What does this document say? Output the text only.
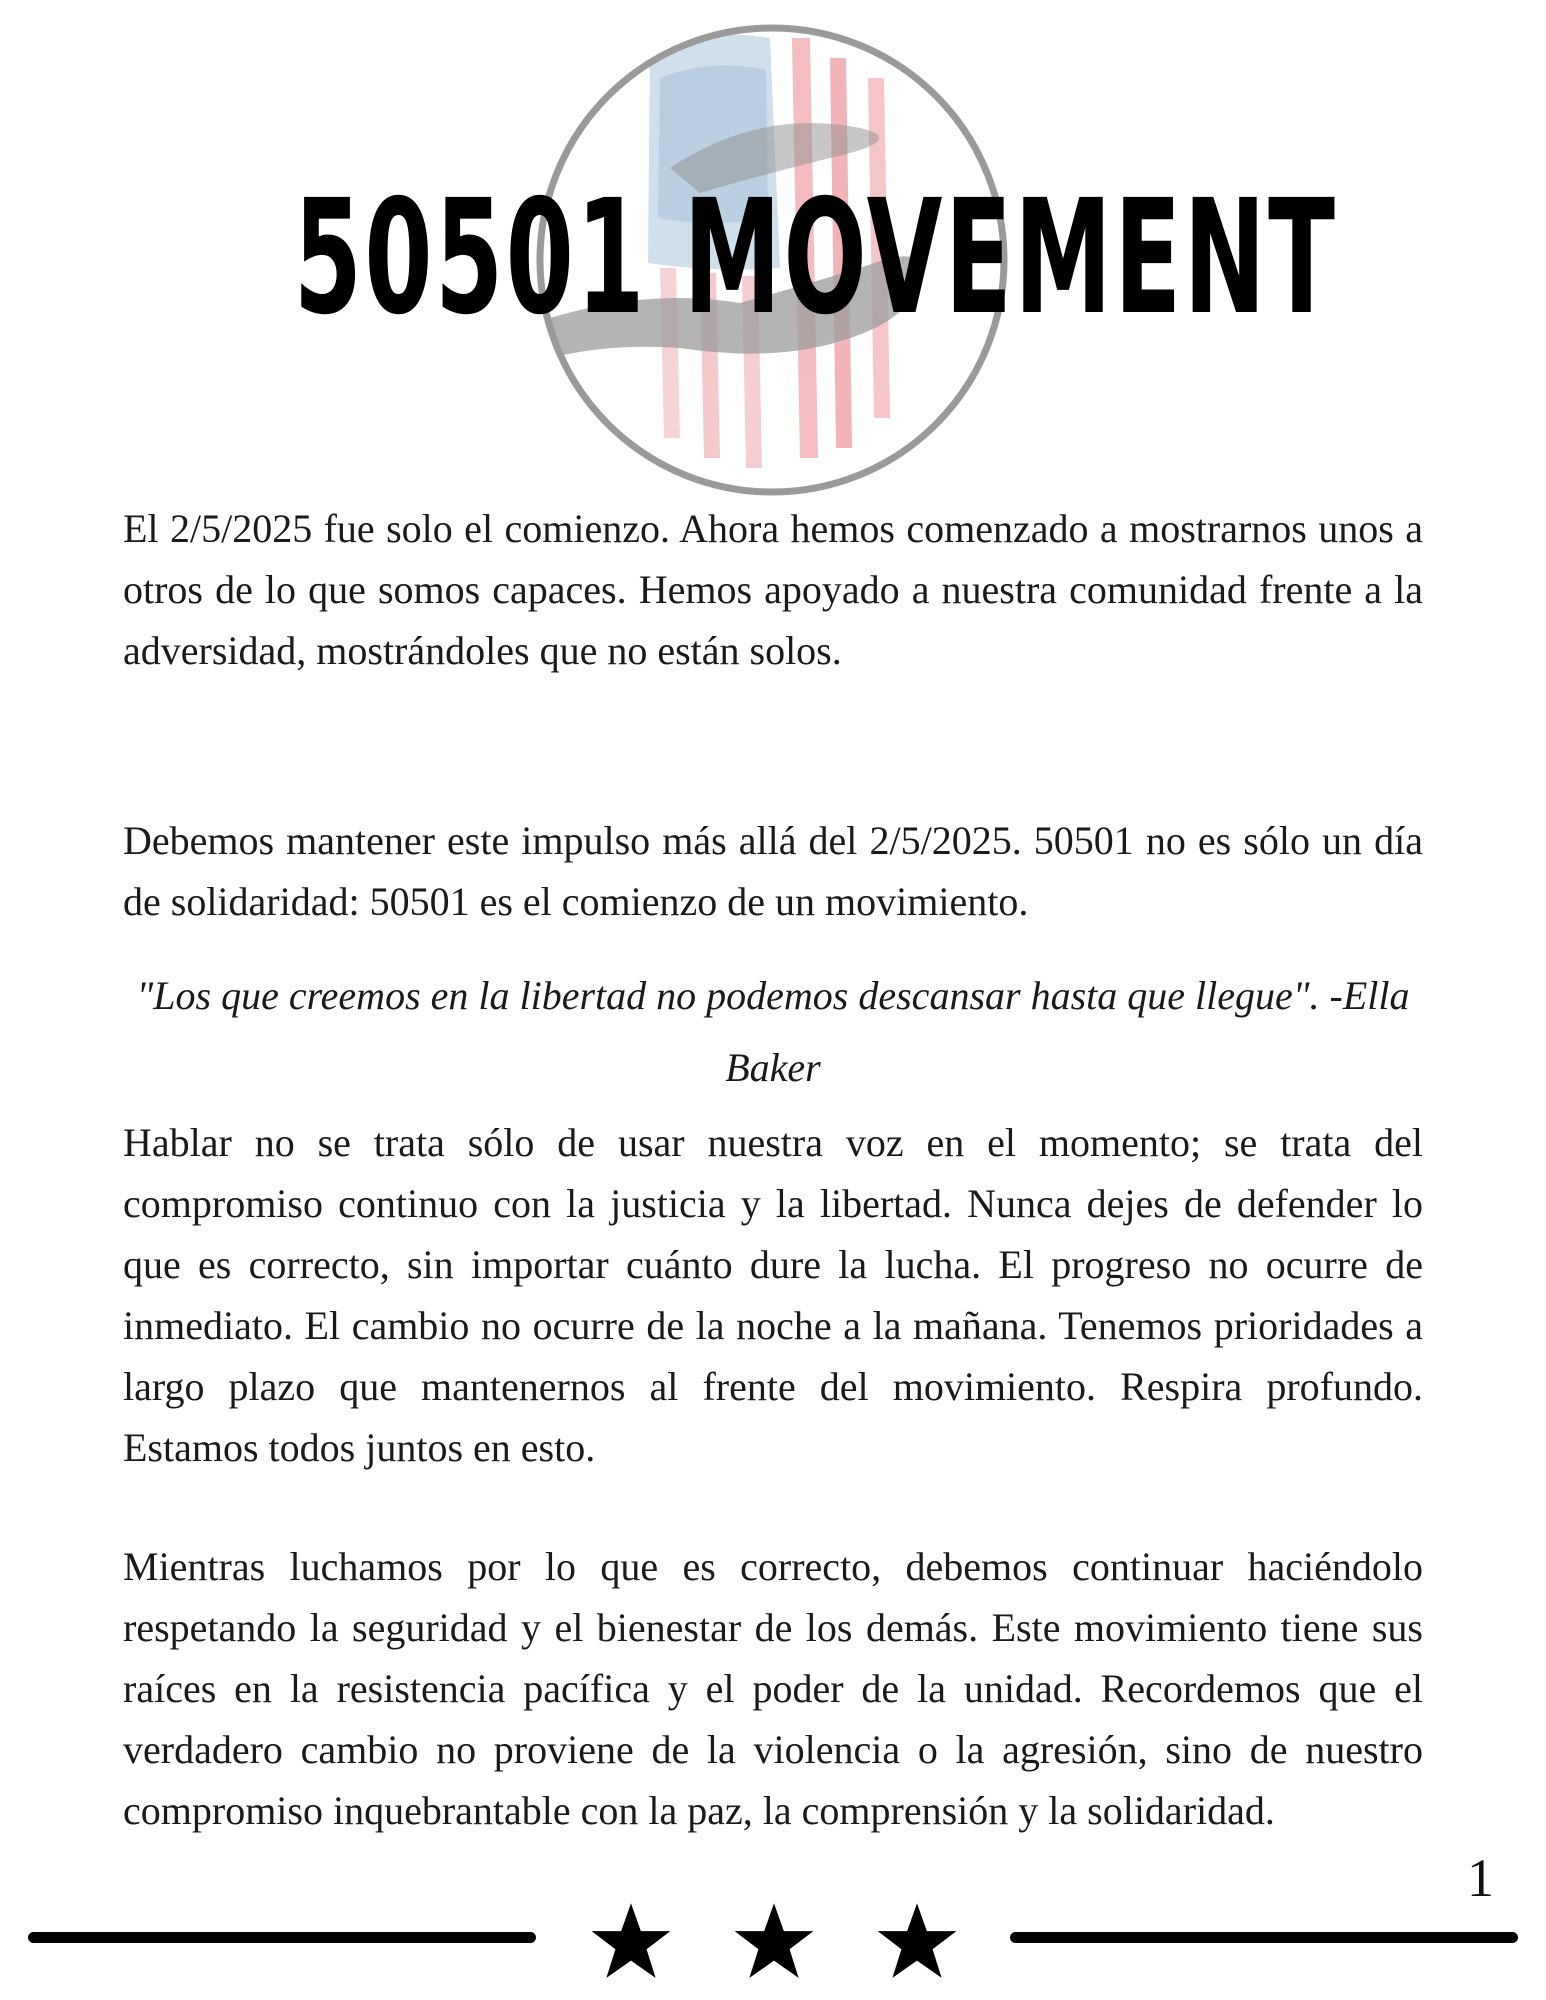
50501 MOVEMENT

El 2/5/2025 fue solo el comienzo. Ahora hemos comenzado a mostrarnos unos a otros de lo que somos capaces. Hemos apoyado a nuestra comunidad frente a la adversidad, mostrándoles que no están solos.

Debemos mantener este impulso más allá del 2/5/2025. 50501 no es sólo un día de solidaridad: 50501 es el comienzo de un movimiento.

"Los que creemos en la libertad no podemos descansar hasta que llegue". -Ella Baker

Hablar no se trata sólo de usar nuestra voz en el momento; se trata del compromiso continuo con la justicia y la libertad. Nunca dejes de defender lo que es correcto, sin importar cuánto dure la lucha. El progreso no ocurre de inmediato. El cambio no ocurre de la noche a la mañana. Tenemos prioridades a largo plazo que mantenernos al frente del movimiento. Respira profundo. Estamos todos juntos en esto.

Mientras luchamos por lo que es correcto, debemos continuar haciéndolo respetando la seguridad y el bienestar de los demás. Este movimiento tiene sus raíces en la resistencia pacífica y el poder de la unidad. Recordemos que el verdadero cambio no proviene de la violencia o la agresión, sino de nuestro compromiso inquebrantable con la paz, la comprensión y la solidaridad.

1
